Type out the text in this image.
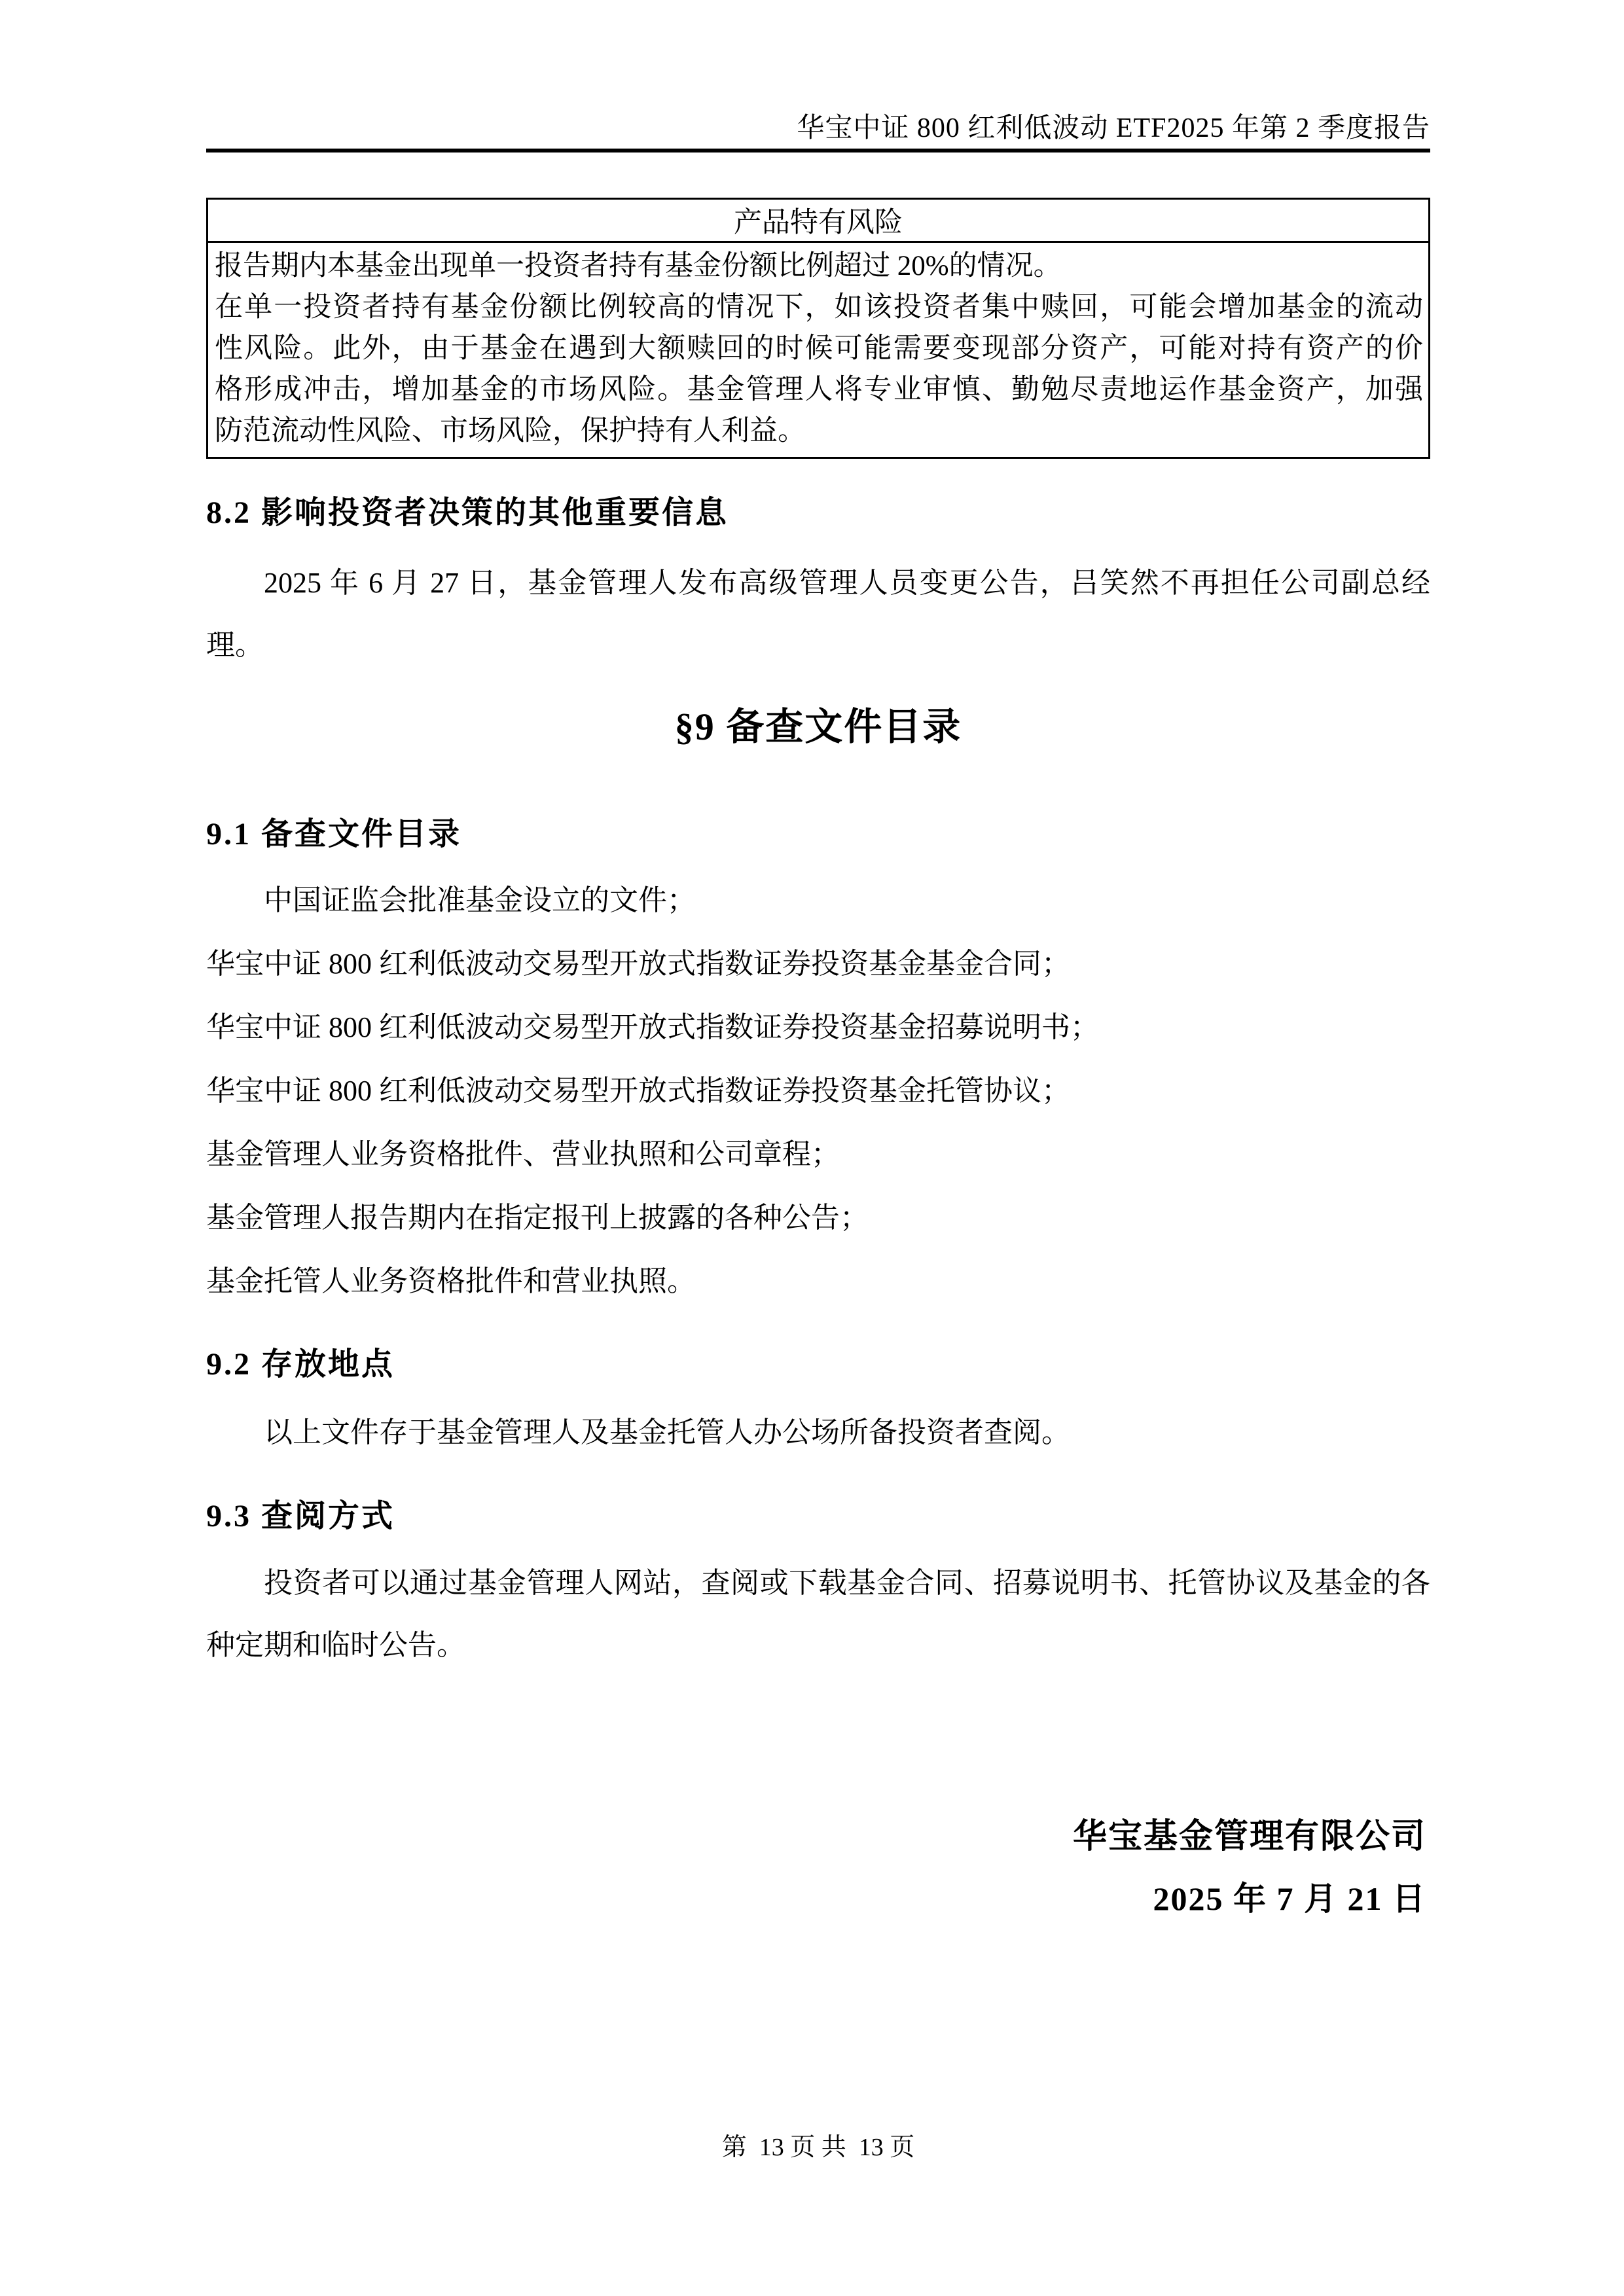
华宝中证 800 红利低波动 ETF2025 年第 2 季度报告
产品特有风险

报告期内本基金出现单一投资者持有基金份额比例超过 20%的情况。
在单一投资者持有基金份额比例较高的情况下，如该投资者集中赎回，可能会增加基金的流动
性风险。此外，由于基金在遇到大额赎回的时候可能需要变现部分资产，可能对持有资产的价
格形成冲击，增加基金的市场风险。基金管理人将专业审慎、勤勉尽责地运作基金资产，加强
防范流动性风险、市场风险，保护持有人利益。
8.2 影响投资者决策的其他重要信息
2025 年 6 月 27 日，基金管理人发布高级管理人员变更公告，吕笑然不再担任公司副总经
理。
§9 备查文件目录
9.1 备查文件目录
中国证监会批准基金设立的文件；
华宝中证 800 红利低波动交易型开放式指数证券投资基金基金合同；
华宝中证 800 红利低波动交易型开放式指数证券投资基金招募说明书；
华宝中证 800 红利低波动交易型开放式指数证券投资基金托管协议；
基金管理人业务资格批件、营业执照和公司章程；
基金管理人报告期内在指定报刊上披露的各种公告；
基金托管人业务资格批件和营业执照。
9.2 存放地点
以上文件存于基金管理人及基金托管人办公场所备投资者查阅。
9.3 查阅方式
投资者可以通过基金管理人网站，查阅或下载基金合同、招募说明书、托管协议及基金的各
种定期和临时公告。
华宝基金管理有限公司
2025 年 7 月 21 日
第  13 页 共  13 页
